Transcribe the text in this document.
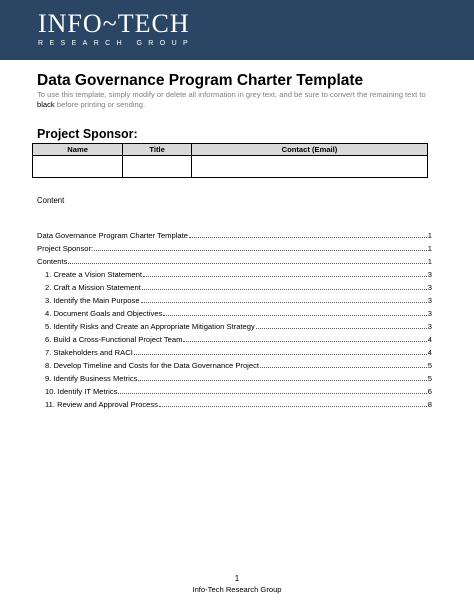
INFO~TECH
RESEARCH GROUP
Data Governance Program Charter Template
To use this template, simply modify or delete all information in grey text, and be sure to convert the remaining text to black before printing or sending.
Project Sponsor:
Name	Title	Contact (Email)

Content
Data Governance Program Charter Template	1
Project Sponsor:	1
Contents	1
1. Create a Vision Statement	3
2. Craft a Mission Statement	3
3. Identify the Main Purpose	3
4. Document Goals and Objectives	3
5. Identify Risks and Create an Appropriate Mitigation Strategy	3
6. Build a Cross-Functional Project Team	4
7. Stakeholders and RACI	4
8. Develop Timeline and Costs for the Data Governance Project	5
9. Identify Business Metrics	5
10. Identify IT Metrics	6
11. Review and Approval Process	8
1
Info-Tech Research Group
